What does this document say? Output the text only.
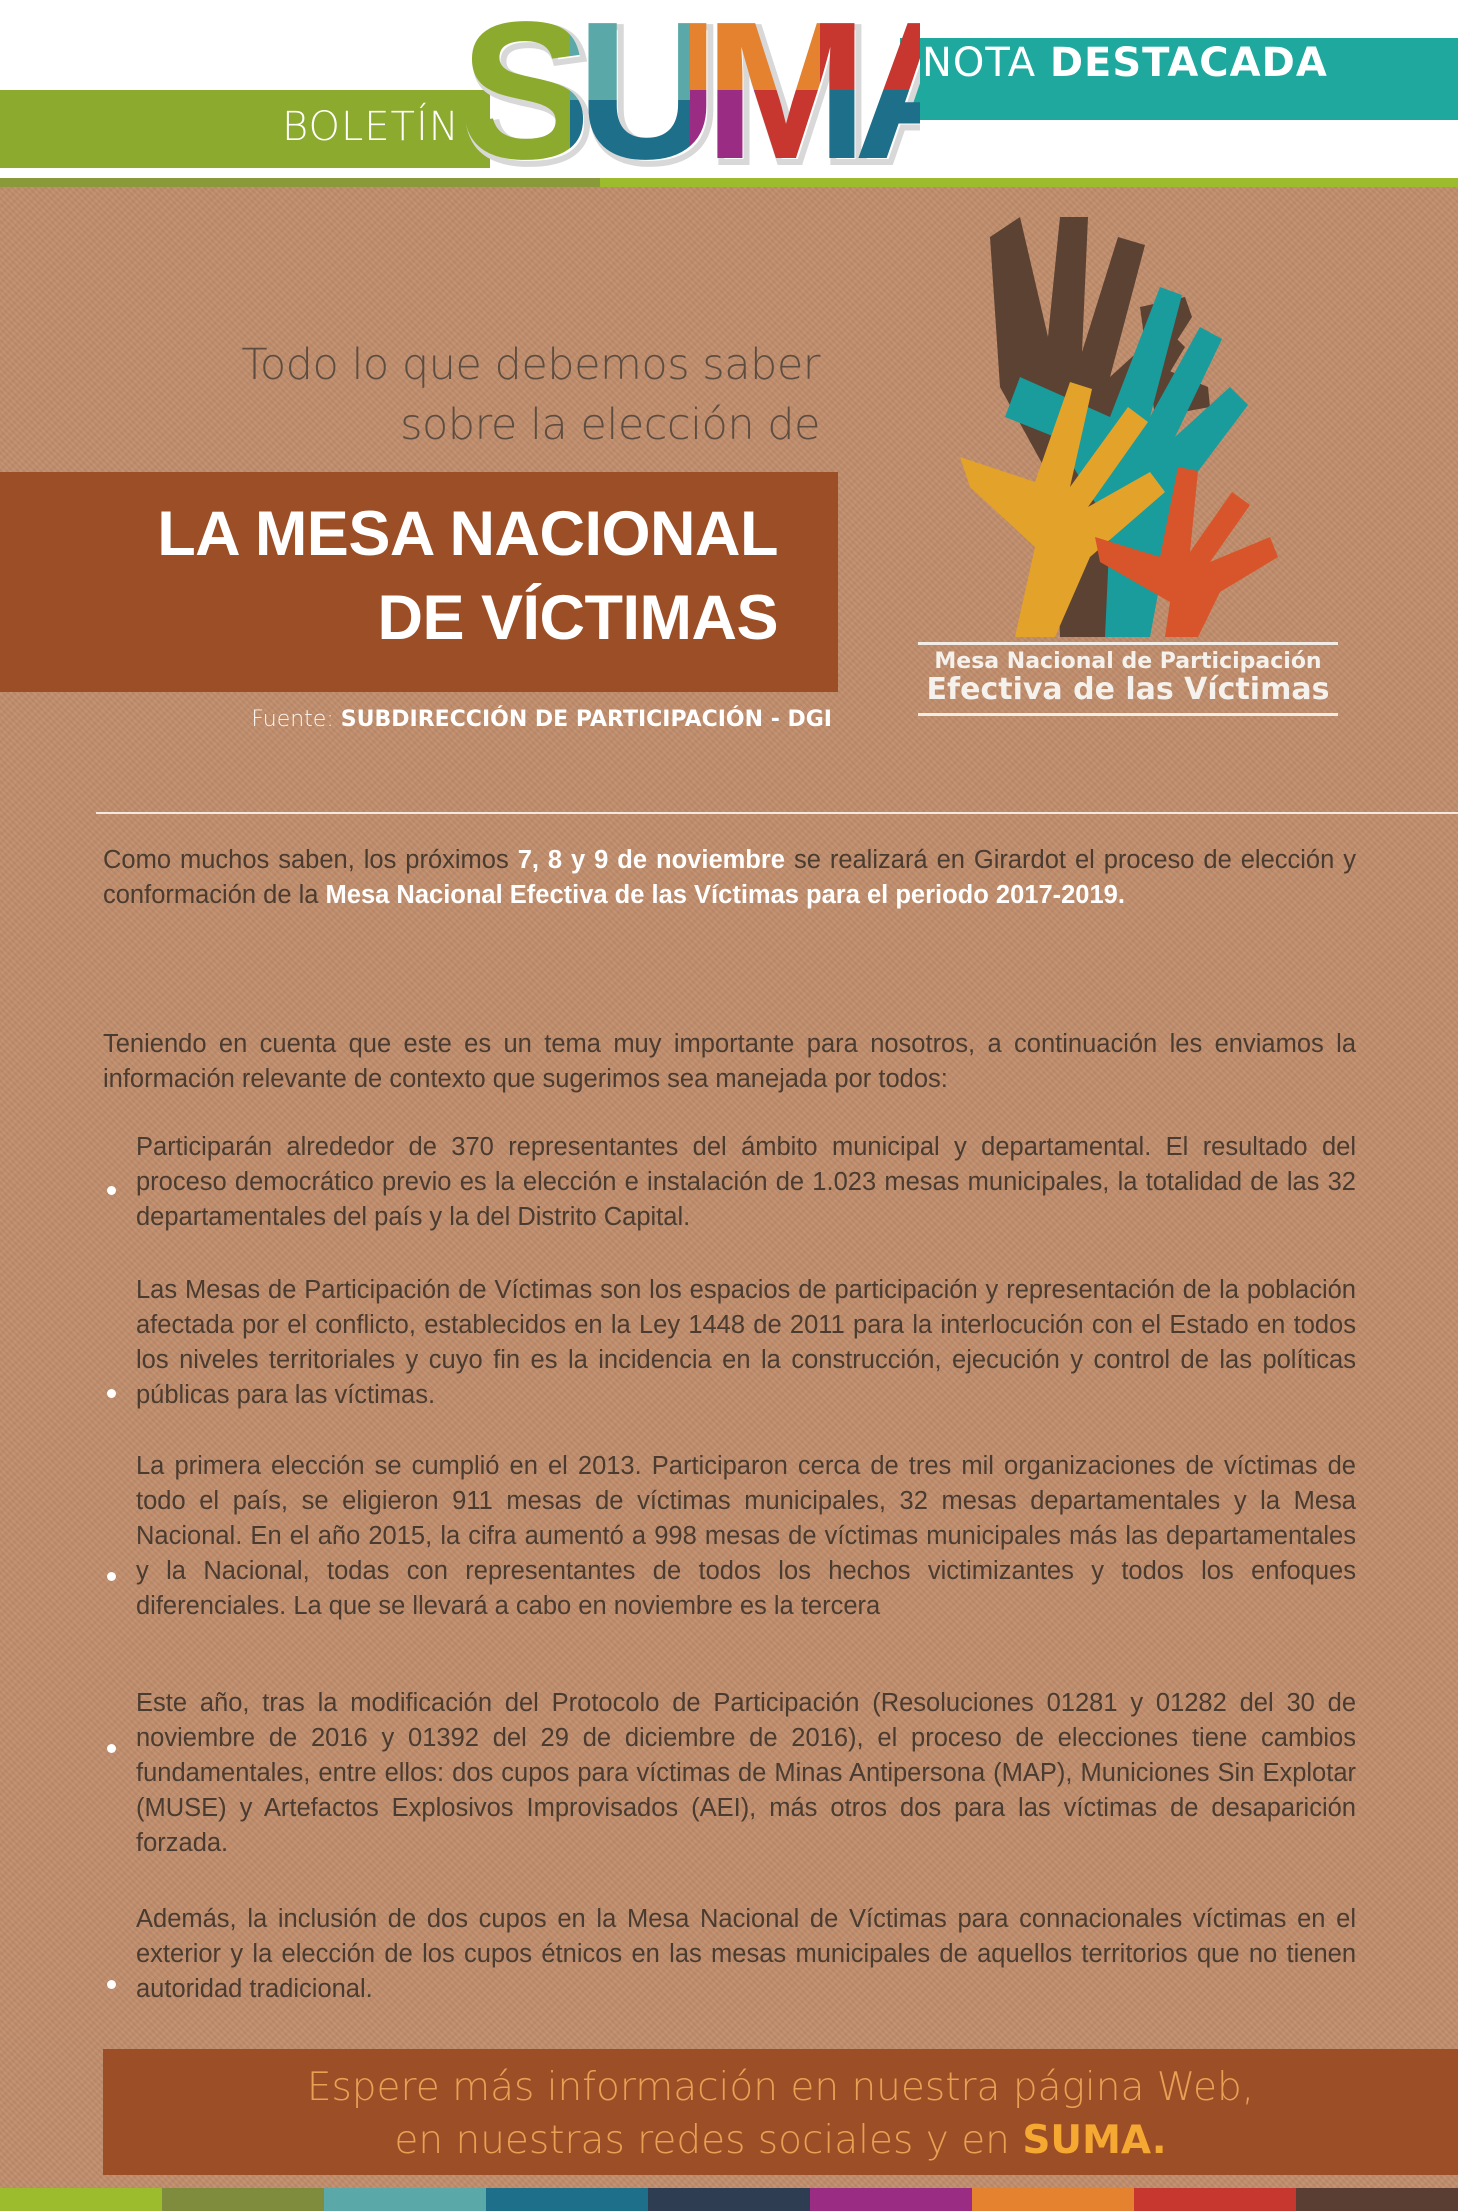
BOLETÍN
NOTA DESTACADA
Todo lo que debemos saber
sobre la elección de
LA MESA NACIONAL
DE VÍCTIMAS
Fuente: SUBDIRECCIÓN DE PARTICIPACIÓN - DGI
Mesa Nacional de Participación
Efectiva de las Víctimas
Como muchos saben, los próximos 7, 8 y 9 de noviembre se realizará en Girardot el proceso de elección y conformación de la Mesa Nacional Efectiva de las Víctimas para el periodo 2017-2019.
Teniendo en cuenta que este es un tema muy importante para nosotros, a continuación les enviamos la información relevante de contexto que sugerimos sea manejada por todos:
Participarán alrededor de 370 representantes del ámbito municipal y departamental. El resultado del proceso democrático previo es la elección e instalación de 1.023 mesas municipales, la totalidad de las 32 departamentales del país y la del Distrito Capital.
Las Mesas de Participación de Víctimas son los espacios de participación y representación de la población afectada por el conflicto, establecidos en la Ley 1448 de 2011 para la interlocución con el Estado en todos los niveles territoriales y cuyo fin es la incidencia en la construcción, ejecución y control de las políticas públicas para las víctimas.
La primera elección se cumplió en el 2013. Participaron cerca de tres mil organizaciones de víctimas de todo el país, se eligieron 911 mesas de víctimas municipales, 32 mesas departamentales y la Mesa Nacional. En el año 2015, la cifra aumentó a 998 mesas de víctimas municipales más las departamentales y la Nacional, todas con representantes de todos los hechos victimizantes y todos los enfoques diferenciales. La que se llevará a cabo en noviembre es la tercera
Este año, tras la modificación del Protocolo de Participación (Resoluciones 01281 y 01282 del 30 de noviembre de 2016 y 01392 del 29 de diciembre de 2016), el proceso de elecciones tiene cambios fundamentales, entre ellos: dos cupos para víctimas de Minas Antipersona (MAP), Municiones Sin Explotar (MUSE) y Artefactos Explosivos Improvisados (AEI), más otros dos para las víctimas de desaparición forzada.
Además, la inclusión de dos cupos en la Mesa Nacional de Víctimas para connacionales víctimas en el exterior y la elección de los cupos étnicos en las mesas municipales de aquellos territorios que no tienen autoridad tradicional.
Espere más información en nuestra página Web,
en nuestras redes sociales y en SUMA.
